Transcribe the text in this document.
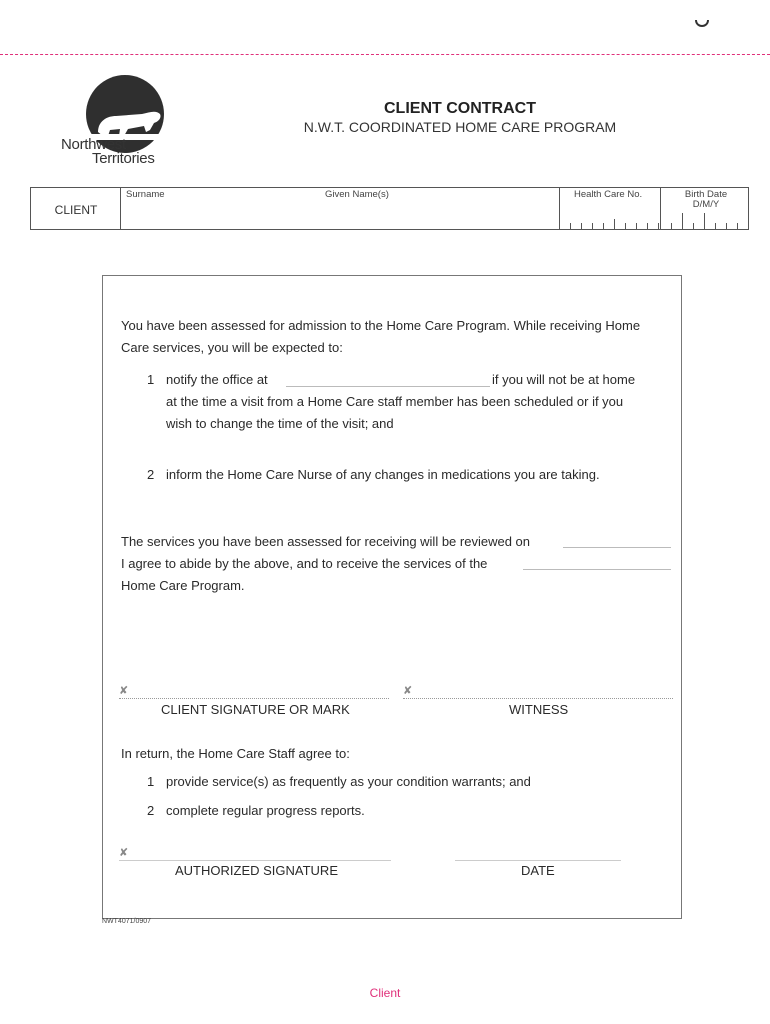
Northwest
Territories
CLIENT CONTRACT
N.W.T. COORDINATED HOME CARE PROGRAM
CLIENT
Surname	Given Name(s)	Health Care No.	Birth Date
D/M/Y
You have been assessed for admission to the Home Care Program. While receiving Home
Care services, you will be expected to:
1 notify the office at	if you will not be at home
at the time a visit from a Home Care staff member has been scheduled or if you
wish to change the time of the visit; and
2 inform the Home Care Nurse of any changes in medications you are taking.
The services you have been assessed for receiving will be reviewed on
I agree to abide by the above, and to receive the services of the
Home Care Program.
✘	✘
CLIENT SIGNATURE OR MARK	WITNESS
In return, the Home Care Staff agree to:
1 provide service(s) as frequently as your condition warrants; and
2 complete regular progress reports.
✘
AUTHORIZED SIGNATURE	DATE
NWT4071/0907
Client
